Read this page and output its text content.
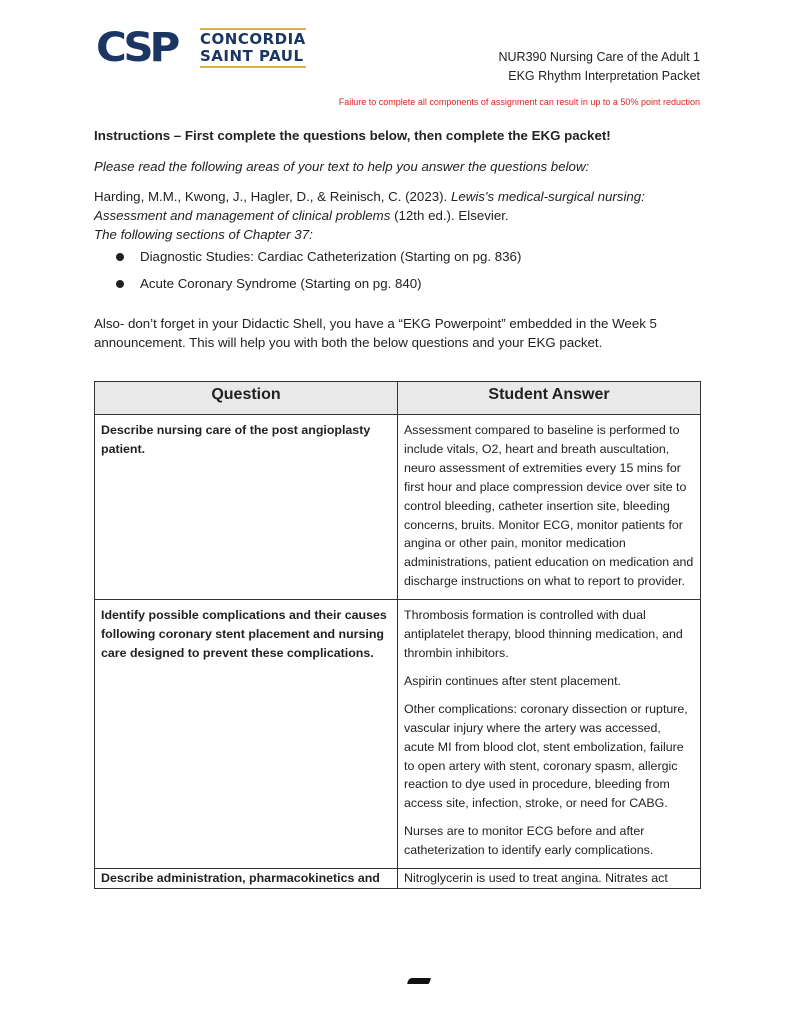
CSP CONCORDIA
SAINT PAUL	NUR390 Nursing Care of the Adult 1
EKG Rhythm Interpretation Packet
Failure to complete all components of assignment can result in up to a 50% point reduction
Instructions – First complete the questions below, then complete the EKG packet!
Please read the following areas of your text to help you answer the questions below:
Harding, M.M., Kwong, J., Hagler, D., & Reinisch, C. (2023). Lewis's medical-surgical nursing: Assessment and management of clinical problems (12th ed.). Elsevier.
The following sections of Chapter 37:
Diagnostic Studies: Cardiac Catheterization (Starting on pg. 836)
Acute Coronary Syndrome (Starting on pg. 840)
Also- don’t forget in your Didactic Shell, you have a “EKG Powerpoint” embedded in the Week 5 announcement. This will help you with both the below questions and your EKG packet.
Question	Student Answer
Describe nursing care of the post angioplasty patient.	Assessment compared to baseline is performed to include vitals, O2, heart and breath auscultation, neuro assessment of extremities every 15 mins for first hour and place compression device over site to control bleeding, catheter insertion site, bleeding concerns, bruits. Monitor ECG, monitor patients for angina or other pain, monitor medication administrations, patient education on medication and discharge instructions on what to report to provider.

Identify possible complications and their causes following coronary stent placement and nursing care designed to prevent these complications.	Thrombosis formation is controlled with dual antiplatelet therapy, blood thinning medication, and thrombin inhibitors.

Aspirin continues after stent placement.

Other complications: coronary dissection or rupture, vascular injury where the artery was accessed, acute MI from blood clot, stent embolization, failure to open artery with stent, coronary spasm, allergic reaction to dye used in procedure, bleeding from access site, infection, stroke, or need for CABG.

Nurses are to monitor ECG before and after catheterization to identify early complications.

Describe administration, pharmacokinetics and	Nitroglycerin is used to treat angina. Nitrates act
